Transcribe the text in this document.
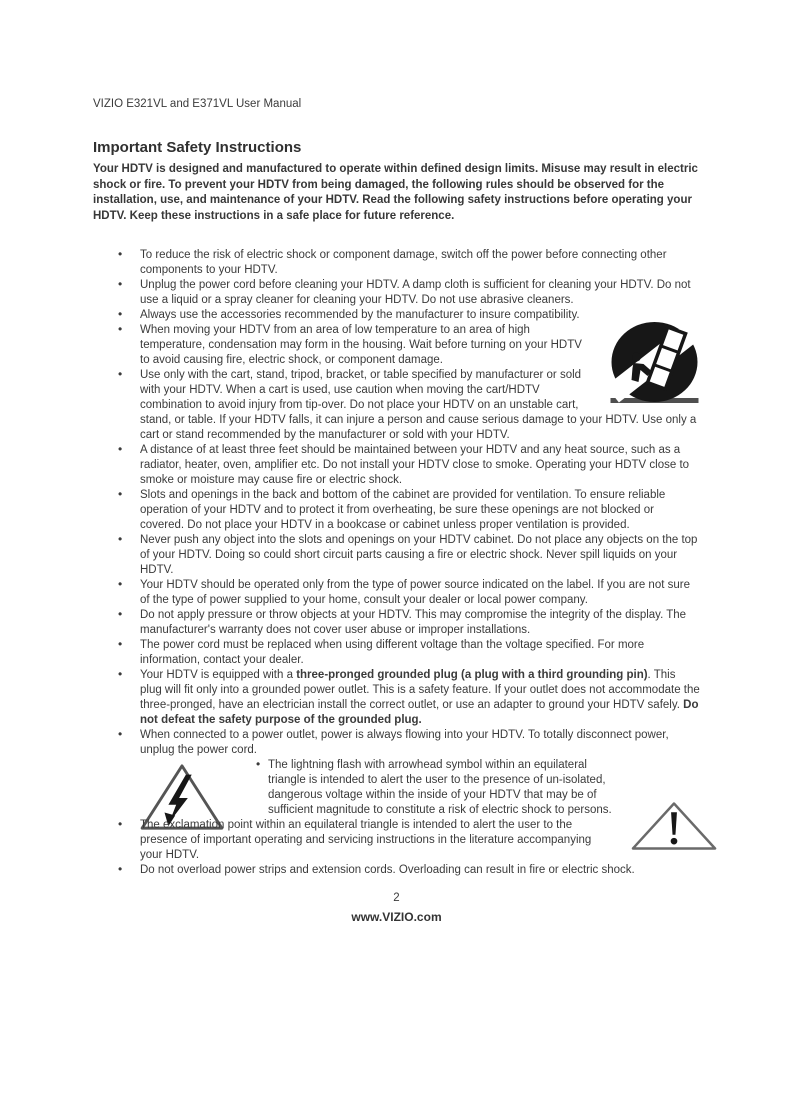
VIZIO E321VL and E371VL User Manual
Important Safety Instructions

Your HDTV is designed and manufactured to operate within defined design limits. Misuse may result in electric shock or fire. To prevent your HDTV from being damaged, the following rules should be observed for the installation, use, and maintenance of your HDTV. Read the following safety instructions before operating your HDTV. Keep these instructions in a safe place for future reference.

• To reduce the risk of electric shock or component damage, switch off the power before connecting other components to your HDTV.
• Unplug the power cord before cleaning your HDTV. A damp cloth is sufficient for cleaning your HDTV. Do not use a liquid or a spray cleaner for cleaning your HDTV. Do not use abrasive cleaners.
• Always use the accessories recommended by the manufacturer to insure compatibility.
• When moving your HDTV from an area of low temperature to an area of high temperature, condensation may form in the housing. Wait before turning on your HDTV to avoid causing fire, electric shock, or component damage.
• Use only with the cart, stand, tripod, bracket, or table specified by manufacturer or sold with your HDTV. When a cart is used, use caution when moving the cart/HDTV combination to avoid injury from tip-over. Do not place your HDTV on an unstable cart, stand, or table. If your HDTV falls, it can injure a person and cause serious damage to your HDTV. Use only a cart or stand recommended by the manufacturer or sold with your HDTV.
• A distance of at least three feet should be maintained between your HDTV and any heat source, such as a radiator, heater, oven, amplifier etc. Do not install your HDTV close to smoke. Operating your HDTV close to smoke or moisture may cause fire or electric shock.
• Slots and openings in the back and bottom of the cabinet are provided for ventilation. To ensure reliable operation of your HDTV and to protect it from overheating, be sure these openings are not blocked or covered. Do not place your HDTV in a bookcase or cabinet unless proper ventilation is provided.
• Never push any object into the slots and openings on your HDTV cabinet. Do not place any objects on the top of your HDTV. Doing so could short circuit parts causing a fire or electric shock. Never spill liquids on your HDTV.
• Your HDTV should be operated only from the type of power source indicated on the label. If you are not sure of the type of power supplied to your home, consult your dealer or local power company.
• Do not apply pressure or throw objects at your HDTV. This may compromise the integrity of the display. The manufacturer's warranty does not cover user abuse or improper installations.
• The power cord must be replaced when using different voltage than the voltage specified. For more information, contact your dealer.
• Your HDTV is equipped with a three-pronged grounded plug (a plug with a third grounding pin). This plug will fit only into a grounded power outlet. This is a safety feature. If your outlet does not accommodate the three-pronged, have an electrician install the correct outlet, or use an adapter to ground your HDTV safely. Do not defeat the safety purpose of the grounded plug.
• When connected to a power outlet, power is always flowing into your HDTV. To totally disconnect power, unplug the power cord.
• The lightning flash with arrowhead symbol within an equilateral triangle is intended to alert the user to the presence of un-isolated, dangerous voltage within the inside of your HDTV that may be of sufficient magnitude to constitute a risk of electric shock to persons.
• The exclamation point within an equilateral triangle is intended to alert the user to the presence of important operating and servicing instructions in the literature accompanying your HDTV.
• Do not overload power strips and extension cords. Overloading can result in fire or electric shock.
2
www.VIZIO.com
